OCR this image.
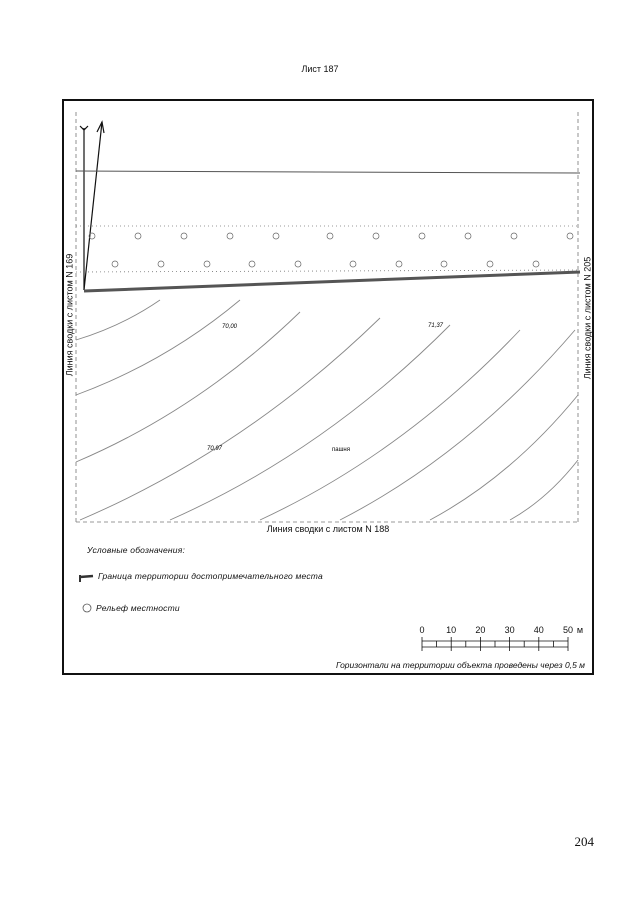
Лист 187
70,00	71,37
70,97	пашня
Линия сводки с листом N 169	Линия сводки с листом N 205
Линия сводки с листом N 188
Условные обозначения:
Граница территории достопримечательного места
Рельеф местности
0 10 20 30 40 50 м
Горизонтали на территории объекта проведены через 0,5 м
204
